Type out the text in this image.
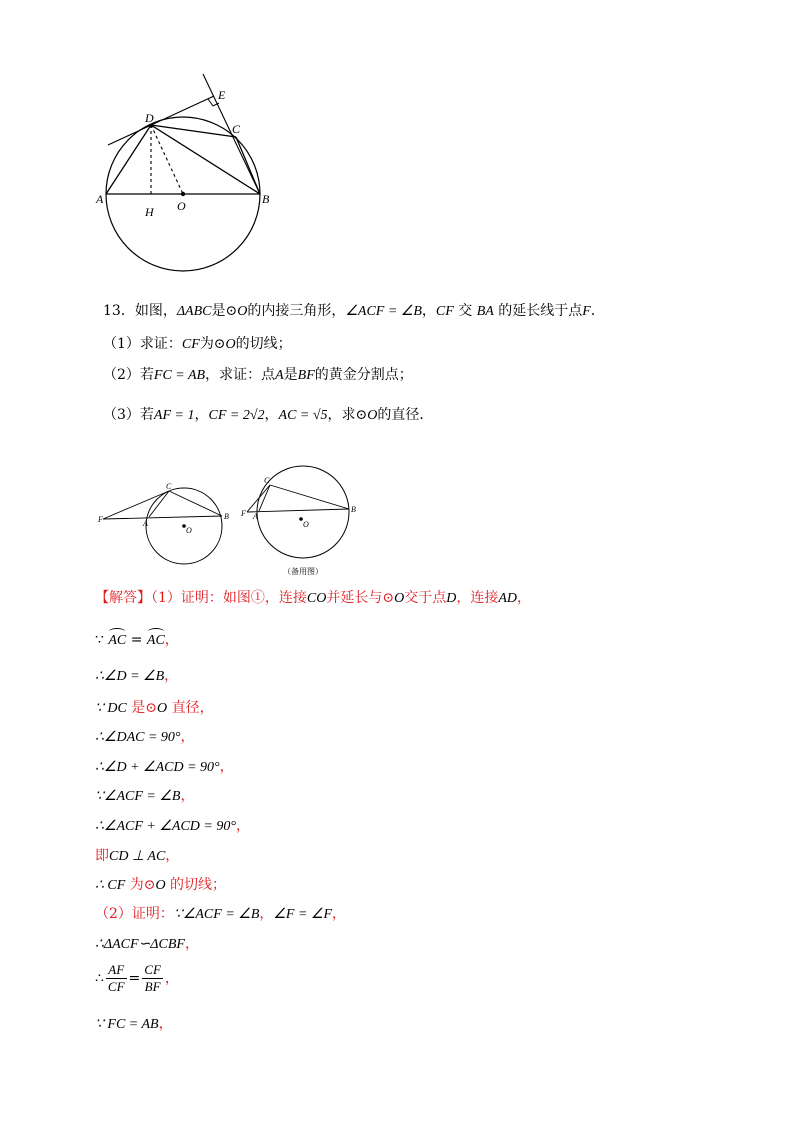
A	B
C
D
E
H O
13．如图，ΔABC是⊙O的内接三角形，∠ACF = ∠B，CF 交 BA 的延长线于点F．
（1）求证：CF为⊙O的切线；
（2）若FC = AB，求证：点A是BF的黄金分割点；
（3）若AF = 1，CF = 2√2，AC = √5，求⊙O的直径．
C
F	A
B
O
C
F A
B
O
（备用图）
【解答】（1）证明：如图①，连接CO并延长与⊙O交于点D，连接AD，
∵ AC = AC，
∴∠D = ∠B，
∵ DC 是⊙O 直径，
∴∠DAC = 90°，
∴∠D + ∠ACD = 90°，
∵∠ACF = ∠B，
∴∠ACF + ∠ACD = 90°，
即CD ⊥ AC，
∴ CF 为⊙O 的切线；
（2）证明：∵∠ACF = ∠B，∠F = ∠F，
∴ΔACF∽ΔCBF，
∴ $\frac{AF}{CF} = \frac{CF}{BF}$ ，
∵ FC = AB，
